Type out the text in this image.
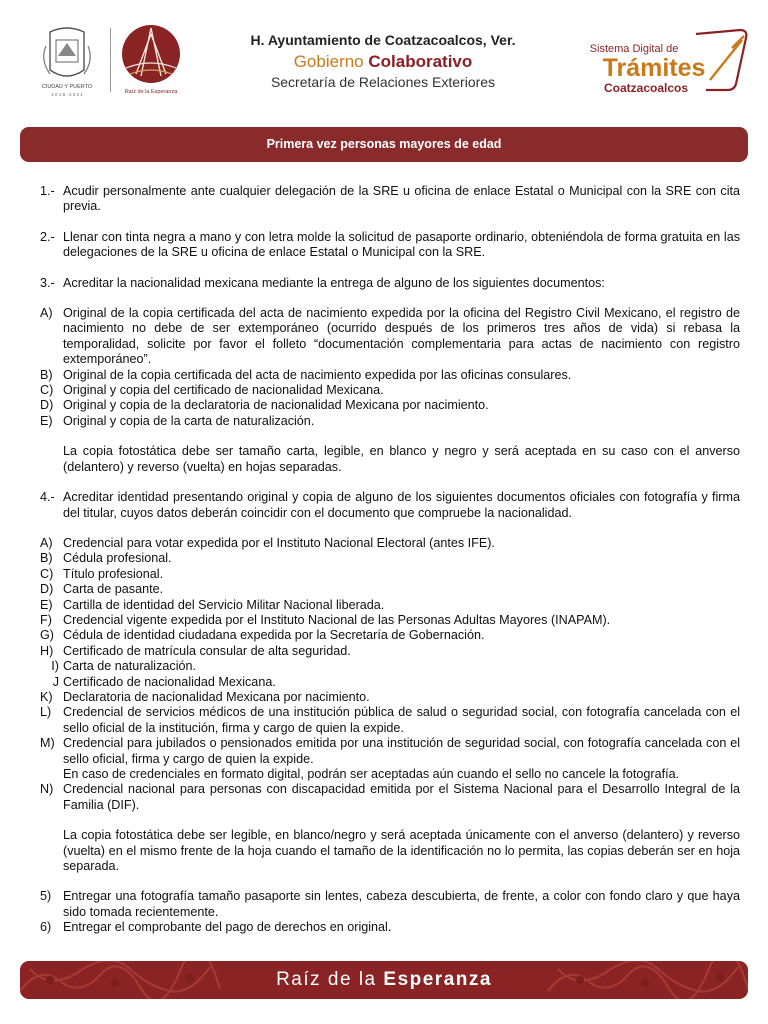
CIUDAD Y PUERTO
2 0 1 8 - 2 0 2 1	Raíz de la Esperanza
H. Ayuntamiento de Coatzacoalcos, Ver.
Gobierno Colaborativo
Secretaría de Relaciones Exteriores
Sistema Digital de
Trámites
Coatzacoalcos
Primera vez personas mayores de edad
1.- Acudir personalmente ante cualquier delegación de la SRE u oficina de enlace Estatal o Municipal con la SRE con cita previa.
2.- Llenar con tinta negra a mano y con letra molde la solicitud de pasaporte ordinario, obteniéndola de forma gratuita en las delegaciones de la SRE u oficina de enlace Estatal o Municipal con la SRE.
3.- Acreditar la nacionalidad mexicana mediante la entrega de alguno de los siguientes documentos:
A) Original de la copia certificada del acta de nacimiento expedida por la oficina del Registro Civil Mexicano, el registro de nacimiento no debe de ser extemporáneo (ocurrido después de los primeros tres años de vida) si rebasa la temporalidad, solicite por favor el folleto “documentación complementaria para actas de nacimiento con registro extemporáneo”.
B) Original de la copia certificada del acta de nacimiento expedida por las oficinas consulares.
C) Original y copia del certificado de nacionalidad Mexicana.
D) Original y copia de la declaratoria de nacionalidad Mexicana por nacimiento.
E) Original y copia de la carta de naturalización.
La copia fotostática debe ser tamaño carta, legible, en blanco y negro y será aceptada en su caso con el anverso (delantero) y reverso (vuelta) en hojas separadas.
4.- Acreditar identidad presentando original y copia de alguno de los siguientes documentos oficiales con fotografía y firma del titular, cuyos datos deberán coincidir con el documento que compruebe la nacionalidad.
A) Credencial para votar expedida por el Instituto Nacional Electoral (antes IFE).
B) Cédula profesional.
C) Título profesional.
D) Carta de pasante.
E) Cartilla de identidad del Servicio Militar Nacional liberada.
F) Credencial vigente expedida por el Instituto Nacional de las Personas Adultas Mayores (INAPAM).
G) Cédula de identidad ciudadana expedida por la Secretaría de Gobernación.
H) Certificado de matrícula consular de alta seguridad.
I) Carta de naturalización.
J Certificado de nacionalidad Mexicana.
K) Declaratoria de nacionalidad Mexicana por nacimiento.
L) Credencial de servicios médicos de una institución pública de salud o seguridad social, con fotografía cancelada con el sello oficial de la institución, firma y cargo de quien la expide.
M) Credencial para jubilados o pensionados emitida por una institución de seguridad social, con fotografía cancelada con el sello oficial, firma y cargo de quien la expide.
En caso de credenciales en formato digital, podrán ser aceptadas aún cuando el sello no cancele la fotografía.
N) Credencial nacional para personas con discapacidad emitida por el Sistema Nacional para el Desarrollo Integral de la Familia (DIF).
La copia fotostática debe ser legible, en blanco/negro y será aceptada únicamente con el anverso (delantero) y reverso (vuelta) en el mismo frente de la hoja cuando el tamaño de la identificación no lo permita, las copias deberán ser en hoja separada.
5) Entregar una fotografía tamaño pasaporte sin lentes, cabeza descubierta, de frente, a color con fondo claro y que haya sido tomada recientemente.
6) Entregar el comprobante del pago de derechos en original.
Raíz de la Esperanza
